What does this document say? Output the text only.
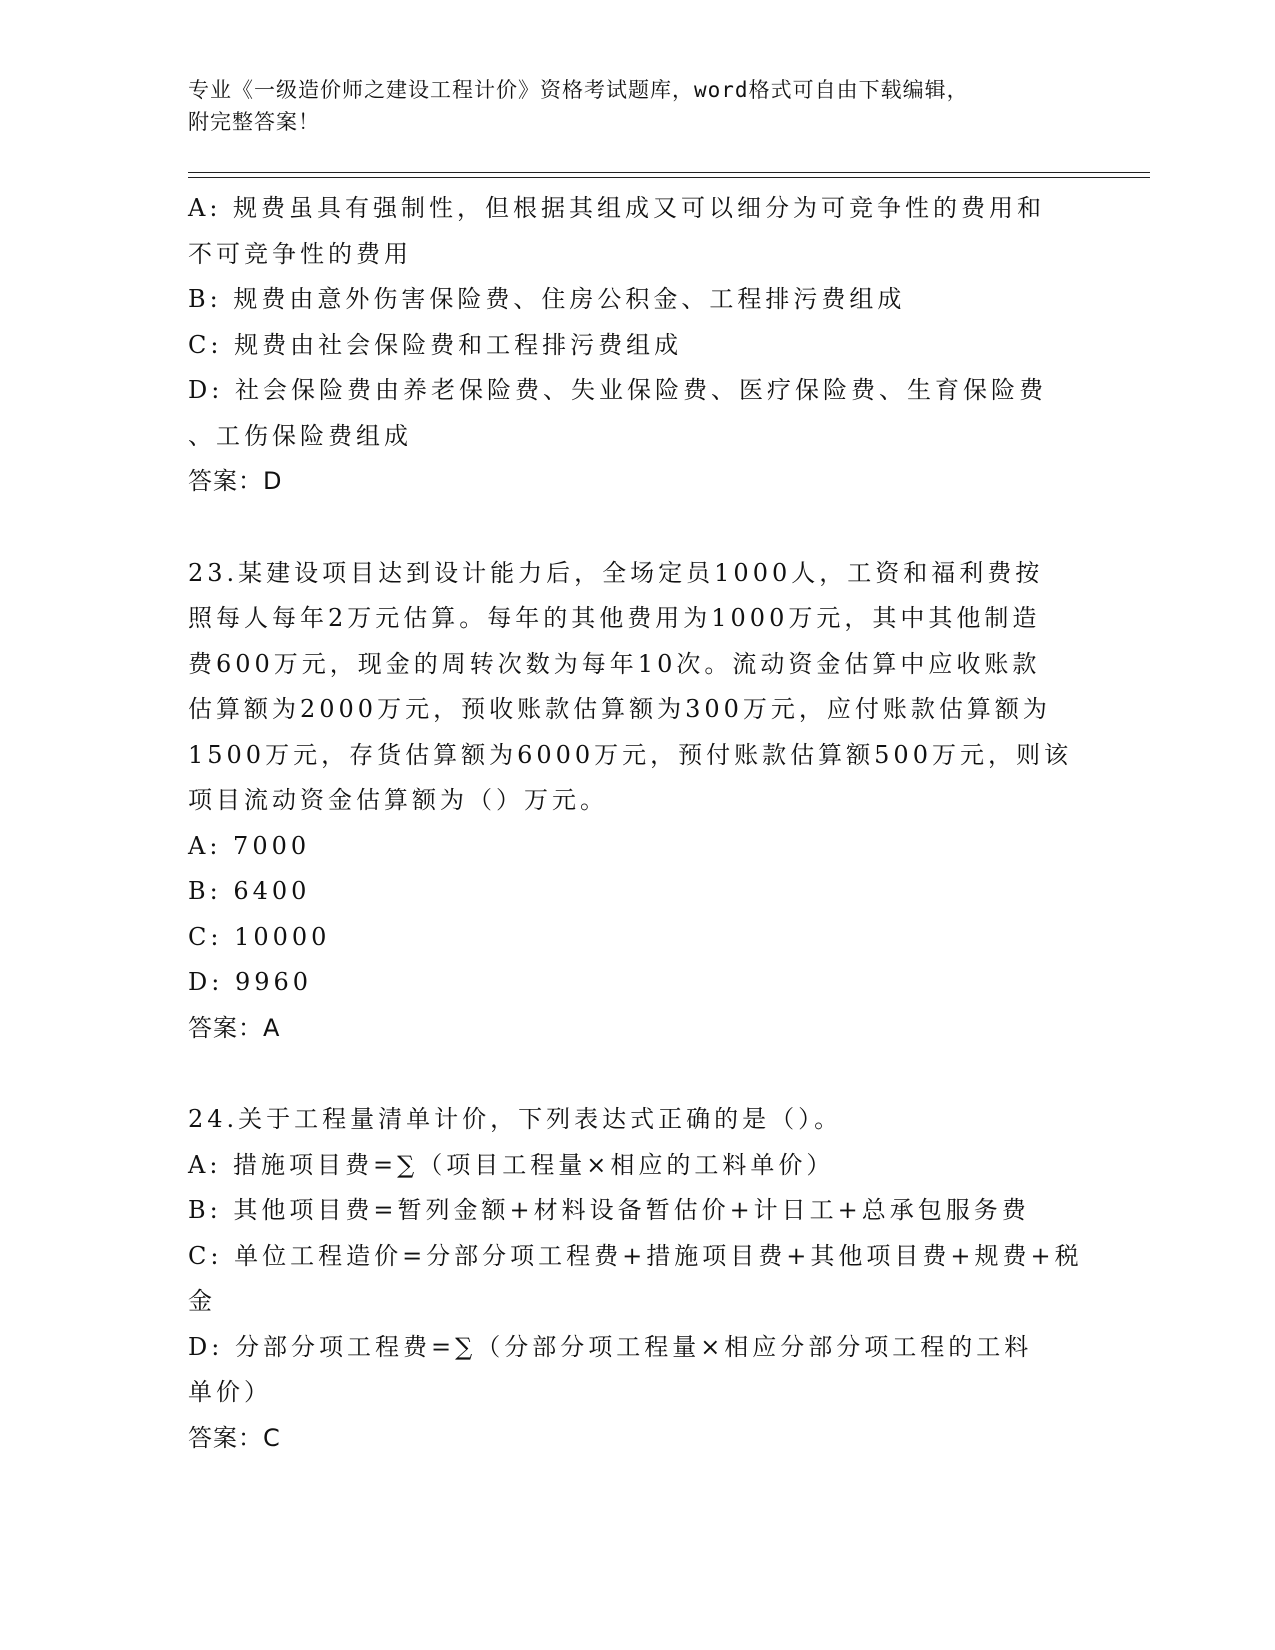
专业《一级造价师之建设工程计价》资格考试题库，word格式可自由下载编辑，
附完整答案！
A: 规费虽具有强制性，但根据其组成又可以细分为可竞争性的费用和
不可竞争性的费用
B: 规费由意外伤害保险费、住房公积金、工程排污费组成
C: 规费由社会保险费和工程排污费组成
D: 社会保险费由养老保险费、失业保险费、医疗保险费、生育保险费
、工伤保险费组成
答案：D
23.某建设项目达到设计能力后，全场定员1000人，工资和福利费按
照每人每年2万元估算。每年的其他费用为1000万元，其中其他制造
费600万元，现金的周转次数为每年10次。流动资金估算中应收账款
估算额为2000万元，预收账款估算额为300万元，应付账款估算额为
1500万元，存货估算额为6000万元，预付账款估算额500万元，则该
项目流动资金估算额为（）万元。
A: 7000
B: 6400
C: 10000
D: 9960
答案：A
24.关于工程量清单计价，下列表达式正确的是（）。
A: 措施项目费=∑（项目工程量×相应的工料单价）
B: 其他项目费=暂列金额+材料设备暂估价+计日工+总承包服务费
C: 单位工程造价=分部分项工程费+措施项目费+其他项目费+规费+税
金
D: 分部分项工程费=∑（分部分项工程量×相应分部分项工程的工料
单价）
答案：C
